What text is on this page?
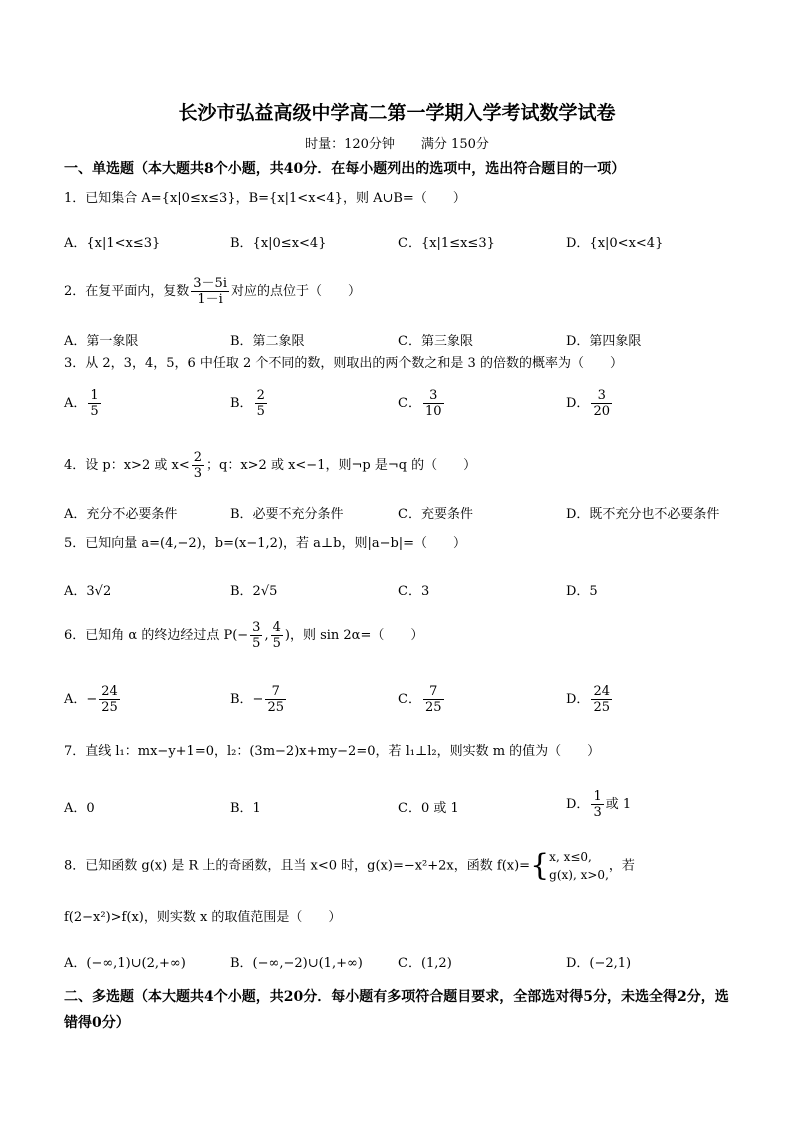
长沙市弘益高级中学高二第一学期入学考试数学试卷
时量：120分钟　　满分 150分
一、单选题（本大题共8个小题，共40分．在每小题列出的选项中，选出符合题目的一项）
1．已知集合 A={x|0≤x≤3}，B={x|1<x<4}，则 A∪B=（　　）
A．{x|1<x≤3}	B．{x|0≤x<4}	C．{x|1≤x≤3}	D．{x|0<x<4}
2．在复平面内，复数 $\frac{3-5i}{1-i}$ 对应的点位于（　　）
A．第一象限	B．第二象限	C．第三象限	D．第四象限
3．从 2，3，4，5，6 中任取 2 个不同的数，则取出的两个数之和是 3 的倍数的概率为（　　）
A． $\frac{1}{5}$	B． $\frac{2}{5}$	C． $\frac{3}{10}$	D． $\frac{3}{20}$
4．设 p：x>2 或 $x< \frac{2}{3}$ ；q：x>2 或 x<−1，则¬p 是¬q 的（　　）
A．充分不必要条件	B．必要不充分条件	C．充要条件	D．既不充分也不必要条件
5．已知向量 a=(4,−2)，b=(x−1,2)，若 a⊥b，则|a−b|=（　　）
A．3√2	B．2√5	C．3	D．5
6．已知角 α 的终边经过点 $P(- \frac{3}{5}$ , $\frac{4}{5}$ )，则 sin 2α=（　　）
A．− $\frac{24}{25}$	B．− $\frac{7}{25}$	C． $\frac{7}{25}$	D． $\frac{24}{25}$
7．直线 l₁：mx−y+1=0，l₂：(3m−2)x+my−2=0，若 l₁⊥l₂，则实数 m 的值为（　　）
A．0	B．1	C．0 或 1	D． $\frac{1}{3}$ 或 1
8．已知函数 g(x) 是 R 上的奇函数，且当 x<0 时，g(x)=−x²+2x，函数 f(x)={ x, x≤0,
g(x), x>0,
，若
f(2−x²)>f(x)，则实数 x 的取值范围是（　　）
A．(−∞,1)∪(2,+∞)	B．(−∞,−2)∪(1,+∞)	C．(1,2)	D．(−2,1)
二、多选题（本大题共4个小题，共20分．每小题有多项符合题目要求，全部选对得5分，未选全得2分，选错得0分）
